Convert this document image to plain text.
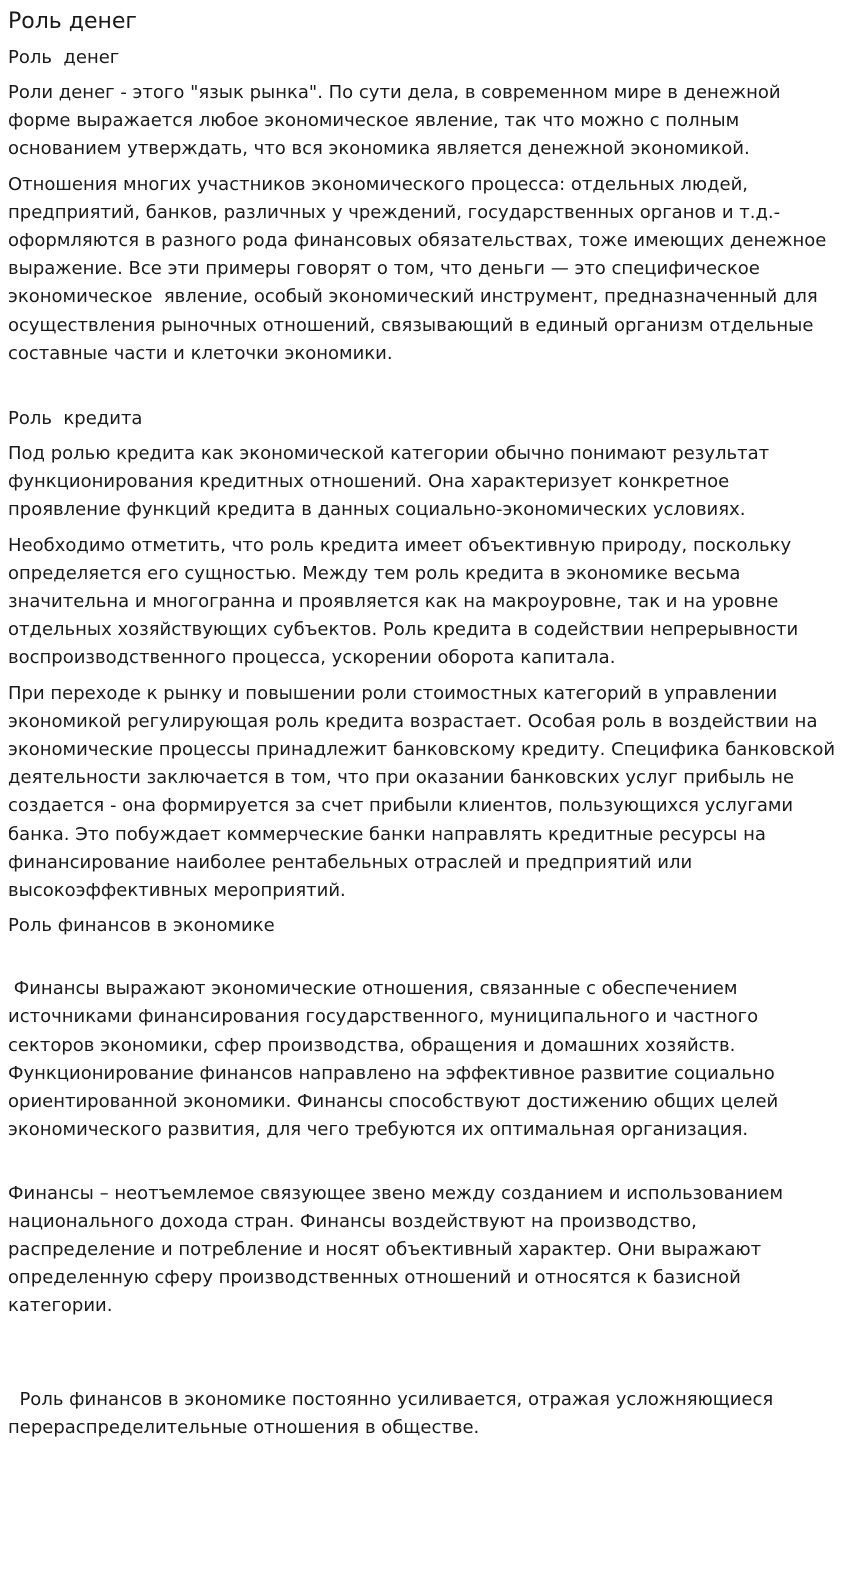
Роль денег
Роль  денег

Роли денег - этого "язык рынка". По сути дела, в современном мире в денежной форме выражается любое экономическое явление, так что можно с полным основанием утверждать, что вся экономика является денежной экономикой.

Отношения многих участников экономического процесса: отдельных людей, предприятий, банков, различных у чреждений, государственных органов и т.д.- оформляются в разного рода финансовых обязательствах, тоже имеющих денежное выражение. Все эти примеры говорят о том, что деньги — это специфическое экономическое  явление, особый экономический инструмент, предназначенный для осуществления рыночных отношений, связывающий в единый организм отдельные составные части и клеточки экономики.

Роль  кредита

Под ролью кредита как экономической категории обычно понимают результат функционирования кредитных отношений. Она характеризует конкретное проявление функций кредита в данных социально-экономических условиях.

Необходимо отметить, что роль кредита имеет объективную природу, поскольку определяется его сущностью. Между тем роль кредита в экономике весьма значительна и многогранна и проявляется как на макроуровне, так и на уровне отдельных хозяйствующих субъектов. Роль кредита в содействии непрерывности воспроизводственного процесса, ускорении оборота капитала.

При переходе к рынку и повышении роли стоимостных категорий в управлении экономикой регулирующая роль кредита возрастает. Особая роль в воздействии на экономические процессы принадлежит банковскому кредиту. Специфика банковской деятельности заключается в том, что при оказании банковских услуг прибыль не создается - она формируется за счет прибыли клиентов, пользующихся услугами банка. Это побуждает коммерческие банки направлять кредитные ресурсы на финансирование наиболее рентабельных отраслей и предприятий или высокоэффективных мероприятий.

Роль финансов в экономике

Финансы выражают экономические отношения, связанные с обеспечением источниками финансирования государственного, муниципального и частного секторов экономики, сфер производства, обращения и домашних хозяйств. Функционирование финансов направлено на эффективное развитие социально ориентированной экономики. Финансы способствуют достижению общих целей экономического развития, для чего требуются их оптимальная организация.

Финансы – неотъемлемое связующее звено между созданием и использованием национального дохода стран. Финансы воздействуют на производство, распределение и потребление и носят объективный характер. Они выражают определенную сферу производственных отношений и относятся к базисной категории.

Роль финансов в экономике постоянно усиливается, отражая усложняющиеся перераспределительные отношения в обществе.
